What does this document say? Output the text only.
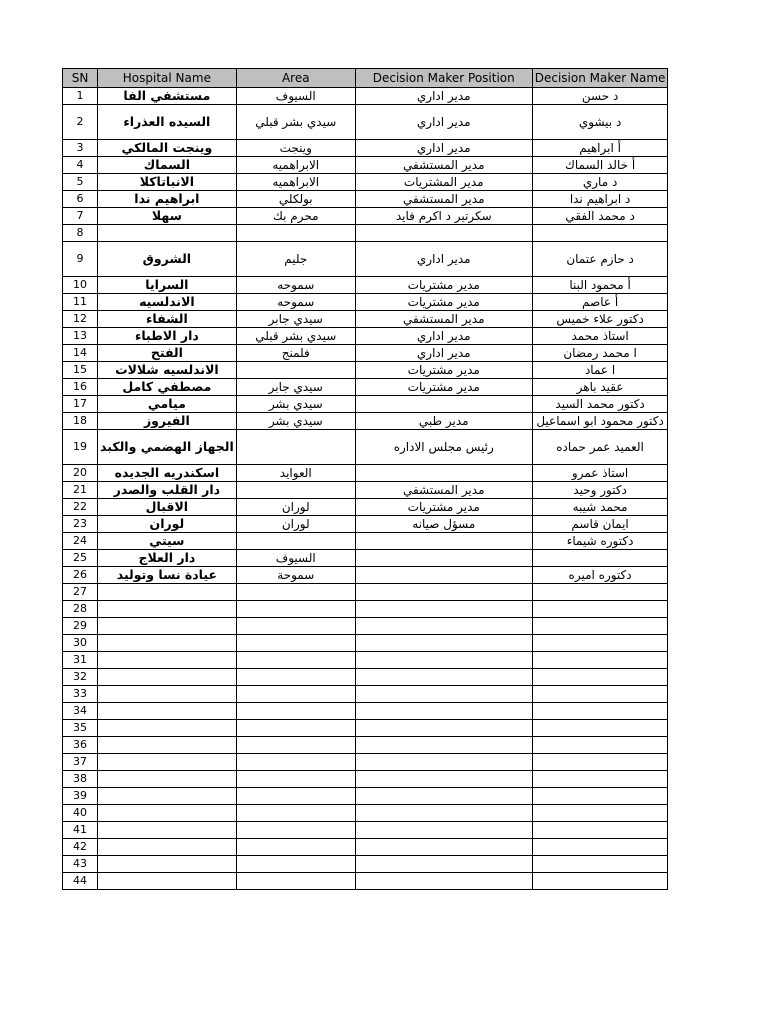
SN	Hospital Name	Area	Decision Maker Position	Decision Maker Name
1	مستشفي الفا	السيوف	مدير اداري	د حسن
2	السيده العذراء	سيدي بشر قبلي	مدير اداري	د بيشوي
3	وينجت المالكي	وينجت	مدير اداري	أ ابراهيم
4	السماك	الابراهميه	مدير المستشفي	أ خالد السماك
5	الانباتاكلا	الابراهميه	مدير المشتريات	د ماري
6	ابراهيم ندا	بولكلي	مدير المستشفي	د ابراهيم ندا
7	سهلا	محرم بك	سكرتير د اكرم فايد	د محمد الفقي
8				
9	الشروق	جليم	مدير اداري	د حازم عتمان
10	السرايا	سموحه	مدير مشتريات	أ محمود البنا
11	الاندلسيه	سموحه	مدير مشتريات	أ عاصم
12	الشفاء	سيدي جابر	مدير المستشفي	دكتور علاء خميس
13	دار الاطباء	سيدي بشر قبلي	مدير اداري	استاذ محمد
14	الفتح	فلمنج	مدير اداري	ا محمد رمضان
15	الاندلسيه شلالات		مدير مشتريات	ا عماد
16	مصطفي كامل	سيدي جابر	مدير مشتريات	عقيد باهر
17	ميامي	سيدي بشر		دكتور محمد السيد
18	الفيروز	سيدي بشر	مدير طبي	دكتور محمود ابو اسماعيل
19	الجهاز الهضمي والكبد		رئيس مجلس الاداره	العميد عمر حماده
20	اسكندريه الجديده	العوايد		استاذ عمرو
21	دار القلب والصدر		مدير المستشفي	دكتور وحيد
22	الاقبال	لوران	مدير مشتريات	محمد شيبه
23	لوران	لوران	مسؤل صيانه	ايمان قاسم
24	سيتي			دكتوره شيماء
25	دار العلاج	السيوف		
26	عيادة نسا وتوليد	سموحة		دكتوره اميره
27				
28				
29				
30				
31				
32				
33				
34				
35				
36				
37				
38				
39				
40				
41				
42				
43				
44				
